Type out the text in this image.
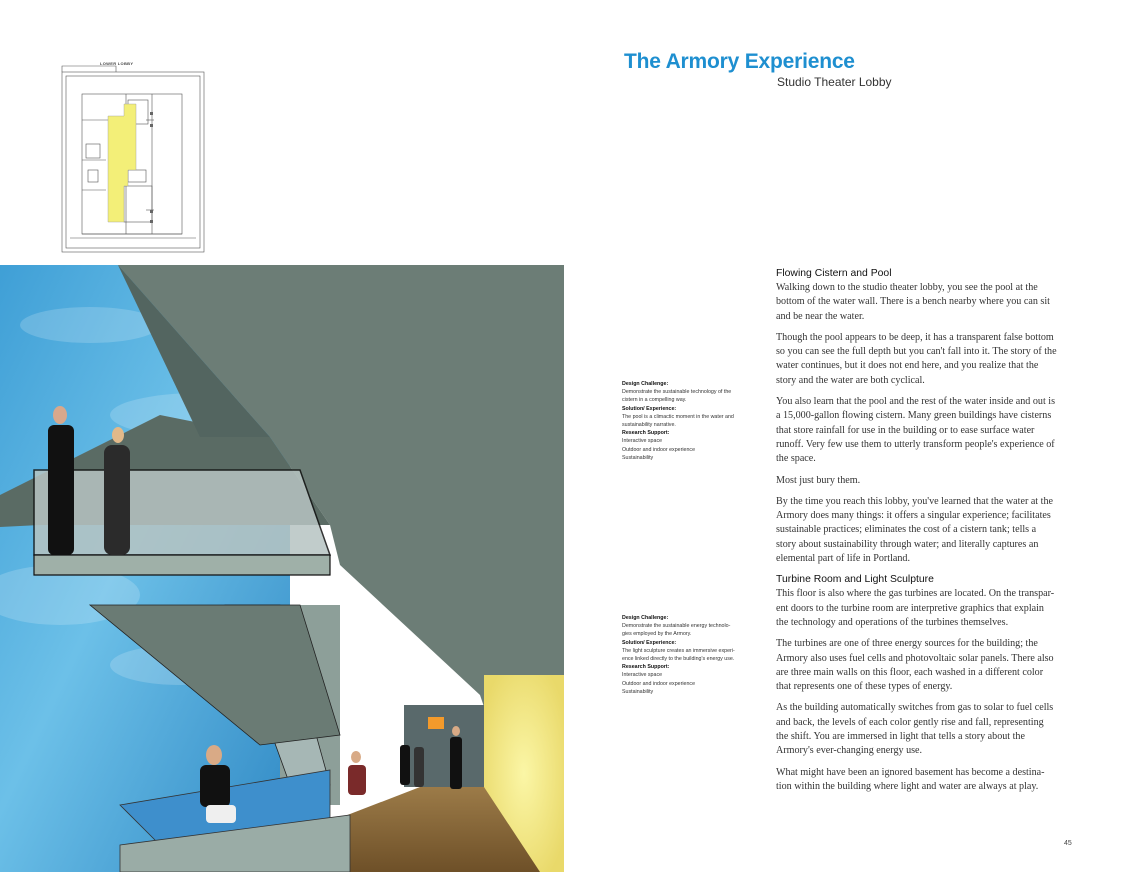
LOWER LOBBY	The Armory Experience
Studio Theater Lobby
Design Challenge:
Demonstrate the sustainable technology of the
cistern in a compelling way.
Solution/ Experience:
The pool is a climactic moment in the water and
sustainability narrative.
Research Support:
Interactive space
Outdoor and indoor experience
Sustainability
Design Challenge:
Demonstrate the sustainable energy technolo-
gies employed by the Armory.
Solution/ Experience:
The light sculpture creates an immersive experi-
ence linked directly to the building's energy use.
Research Support:
Interactive space
Outdoor and indoor experience
Sustainability
Flowing Cistern and Pool

Walking down to the studio theater lobby, you see the pool at the bottom of the water wall. There is a bench nearby where you can sit and be near the water.

Though the pool appears to be deep, it has a transparent false bottom so you can see the full depth but you can't fall into it. The story of the water continues, but it does not end here, and you realize that the story and the water are both cyclical.

You also learn that the pool and the rest of the water inside and out is a 15,000-gallon flowing cistern. Many green buildings have cisterns that store rainfall for use in the building or to ease surface water runoff. Very few use them to utterly transform people's experience of the space.

Most just bury them.

By the time you reach this lobby, you've learned that the water at the Armory does many things: it offers a singular experience; facilitates sustainable practices; eliminates the cost of a cistern tank; tells a story about sustainability through water; and literally captures an elemental part of life in Portland.

Turbine Room and Light Sculpture

This floor is also where the gas turbines are located. On the transpar-ent doors to the turbine room are interpretive graphics that explain the technology and operations of the turbines themselves.

The turbines are one of three energy sources for the building; the Armory also uses fuel cells and photovoltaic solar panels. There also are three main walls on this floor, each washed in a different color that represents one of these types of energy.

As the building automatically switches from gas to solar to fuel cells and back, the levels of each color gently rise and fall, representing the shift. You are immersed in light that tells a story about the Armory's ever-changing energy use.

What might have been an ignored basement has become a destina-tion within the building where light and water are always at play.

45
